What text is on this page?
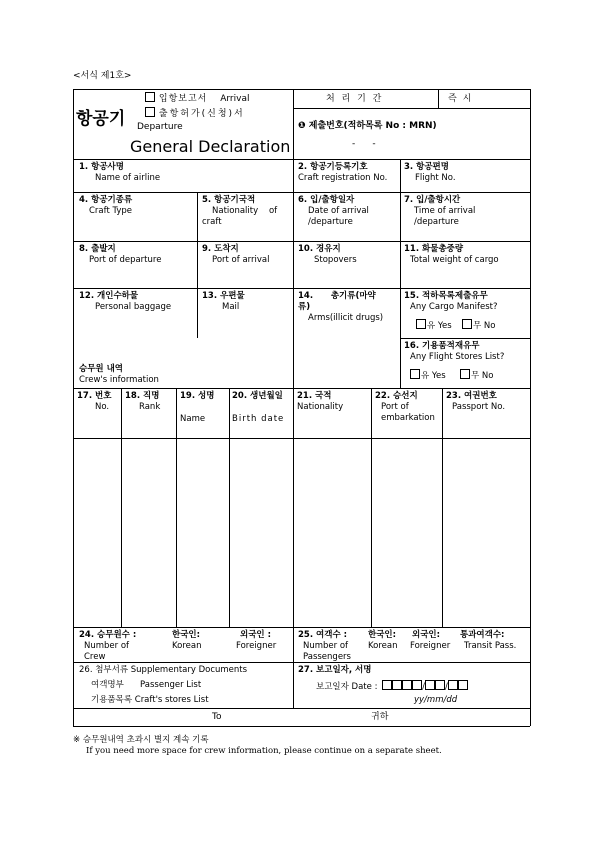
<서식 제1호>
항공기
입항보고서 Arrival
출항허가(신청)서
Departure
General Declaration
처 리 기 간	즉시
❶ 제출번호(적하목록 No : MRN)
-      -
1. 항공사명
Name of airline
2. 항공기등록기호
Craft registration No.
3. 항공편명
Flight No.
4. 항공기종류
Craft Type
5. 항공기국적
Nationality    of
craft
6. 입/출항일자
Date of arrival
/departure
7. 입/출항시간
Time of arrival
/departure
8. 출발지
Port of departure
9. 도착지
Port of arrival
10. 경유지
Stopovers
11. 화물총중량
Total weight of cargo
12. 개인수하물
Personal baggage
13. 우편물
Mail
14.      총기류(마약
류)
Arms(illicit drugs)
15. 적하목록제출유무
Any Cargo Manifest?
유 Yes	무 No
승무원 내역
Crew's information
16. 기용품적재유무
Any Flight Stores List?
유 Yes	무 No
17. 번호
No.
18. 직명
Rank
19. 성명
Name
20. 생년월일
Birth date
21. 국적
Nationality
22. 승선지
Port of embarkation
23. 여권번호
Passport No.
24. 승무원수 :	한국인:	외국인 :
Number of	Korean	Foreigner
Crew
25. 여객수 : 한국인: 외국인: 통과여객수:
Number of Korean Foreigner Transit Pass.
Passengers
26. 첨부서류 Supplementary Documents
여객명부      Passenger List
기용품목록 Craft's stores List
27. 보고일자, 서명
보고일자 Date :	/ /
yy/mm/dd
To	귀하
※ 승무원내역 초과시 별지 계속 기록
If you need more space for crew information, please continue on a separate sheet.
